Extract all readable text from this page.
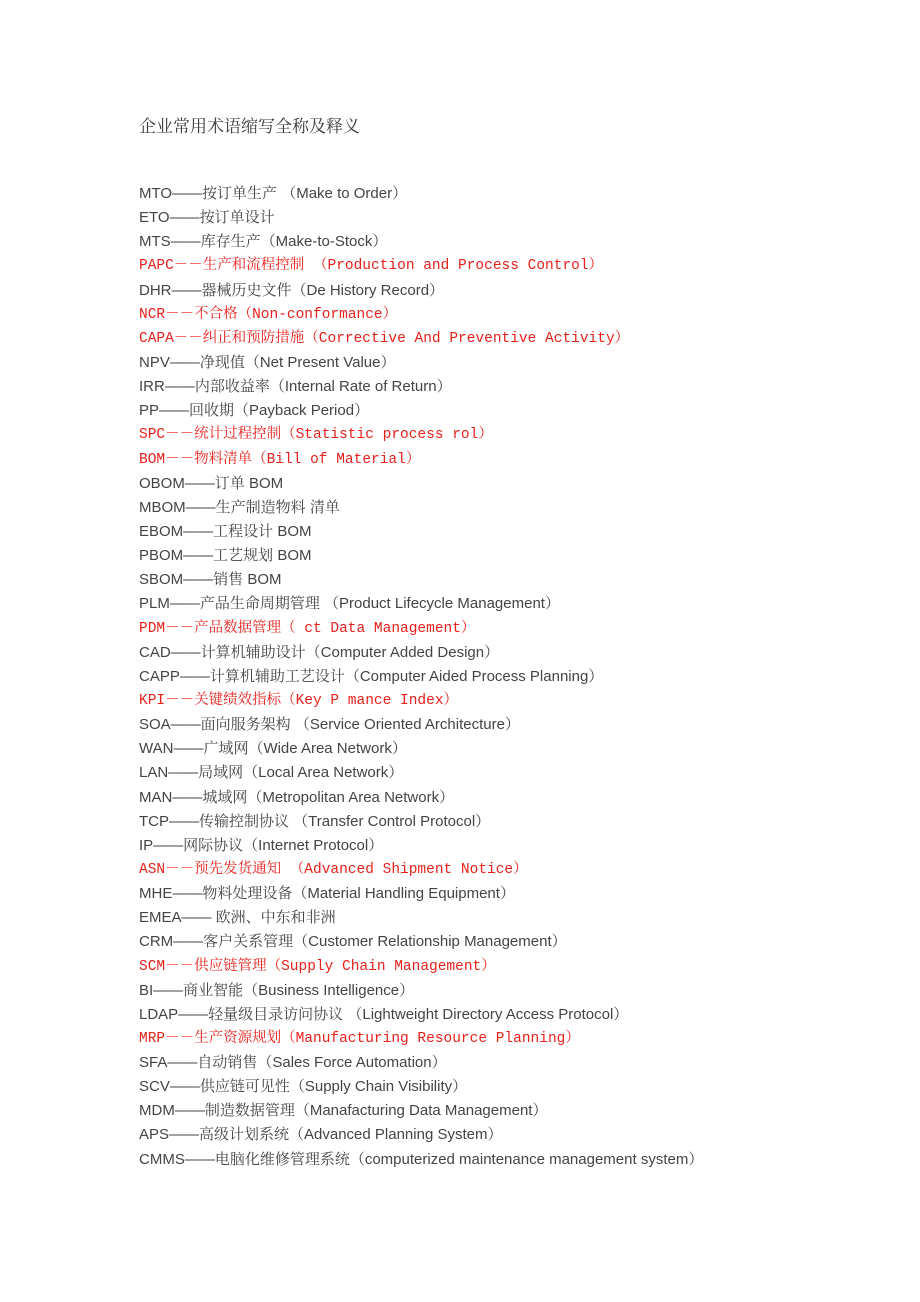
企业常用术语缩写全称及释义
MTO——按订单生产 （Make to Order）
ETO——按订单设计
MTS——库存生产（Make-to-Stock）
PAPC－－生产和流程控制 （Production and Process Control）
DHR——器械历史文件（De History Record）
NCR－－不合格（Non-conformance）
CAPA－－纠正和预防措施（Corrective And Preventive Activity）
NPV——净现值（Net Present Value）
IRR——内部收益率（Internal Rate of Return）
PP——回收期（Payback Period）
SPC－－统计过程控制（Statistic process rol）
BOM－－物料清单（Bill of Material）
OBOM——订单 BOM
MBOM——生产制造物料 清单
EBOM——工程设计 BOM
PBOM——工艺规划 BOM
SBOM——销售 BOM
PLM——产品生命周期管理 （Product Lifecycle Management）
PDM－－产品数据管理（ ct Data Management）
CAD——计算机辅助设计（Computer Added Design）
CAPP——计算机辅助工艺设计（Computer Aided Process Planning）
KPI－－关键绩效指标（Key P mance Index）
SOA——面向服务架构 （Service Oriented Architecture）
WAN——广域网（Wide Area Network）
LAN——局域网（Local Area Network）
MAN——城域网（Metropolitan Area Network）
TCP——传输控制协议 （Transfer Control Protocol）
IP——网际协议（Internet Protocol）
ASN－－预先发货通知 （Advanced Shipment Notice）
MHE——物料处理设备（Material Handling Equipment）
EMEA—— 欧洲、中东和非洲
CRM——客户关系管理（Customer Relationship Management）
SCM－－供应链管理（Supply Chain Management）
BI——商业智能（Business Intelligence）
LDAP——轻量级目录访问协议 （Lightweight Directory Access Protocol）
MRP－－生产资源规划（Manufacturing Resource Planning）
SFA——自动销售（Sales Force Automation）
SCV——供应链可见性（Supply Chain Visibility）
MDM——制造数据管理（Manafacturing Data Management）
APS——高级计划系统（Advanced Planning System）
CMMS——电脑化维修管理系统（computerized maintenance management system）
